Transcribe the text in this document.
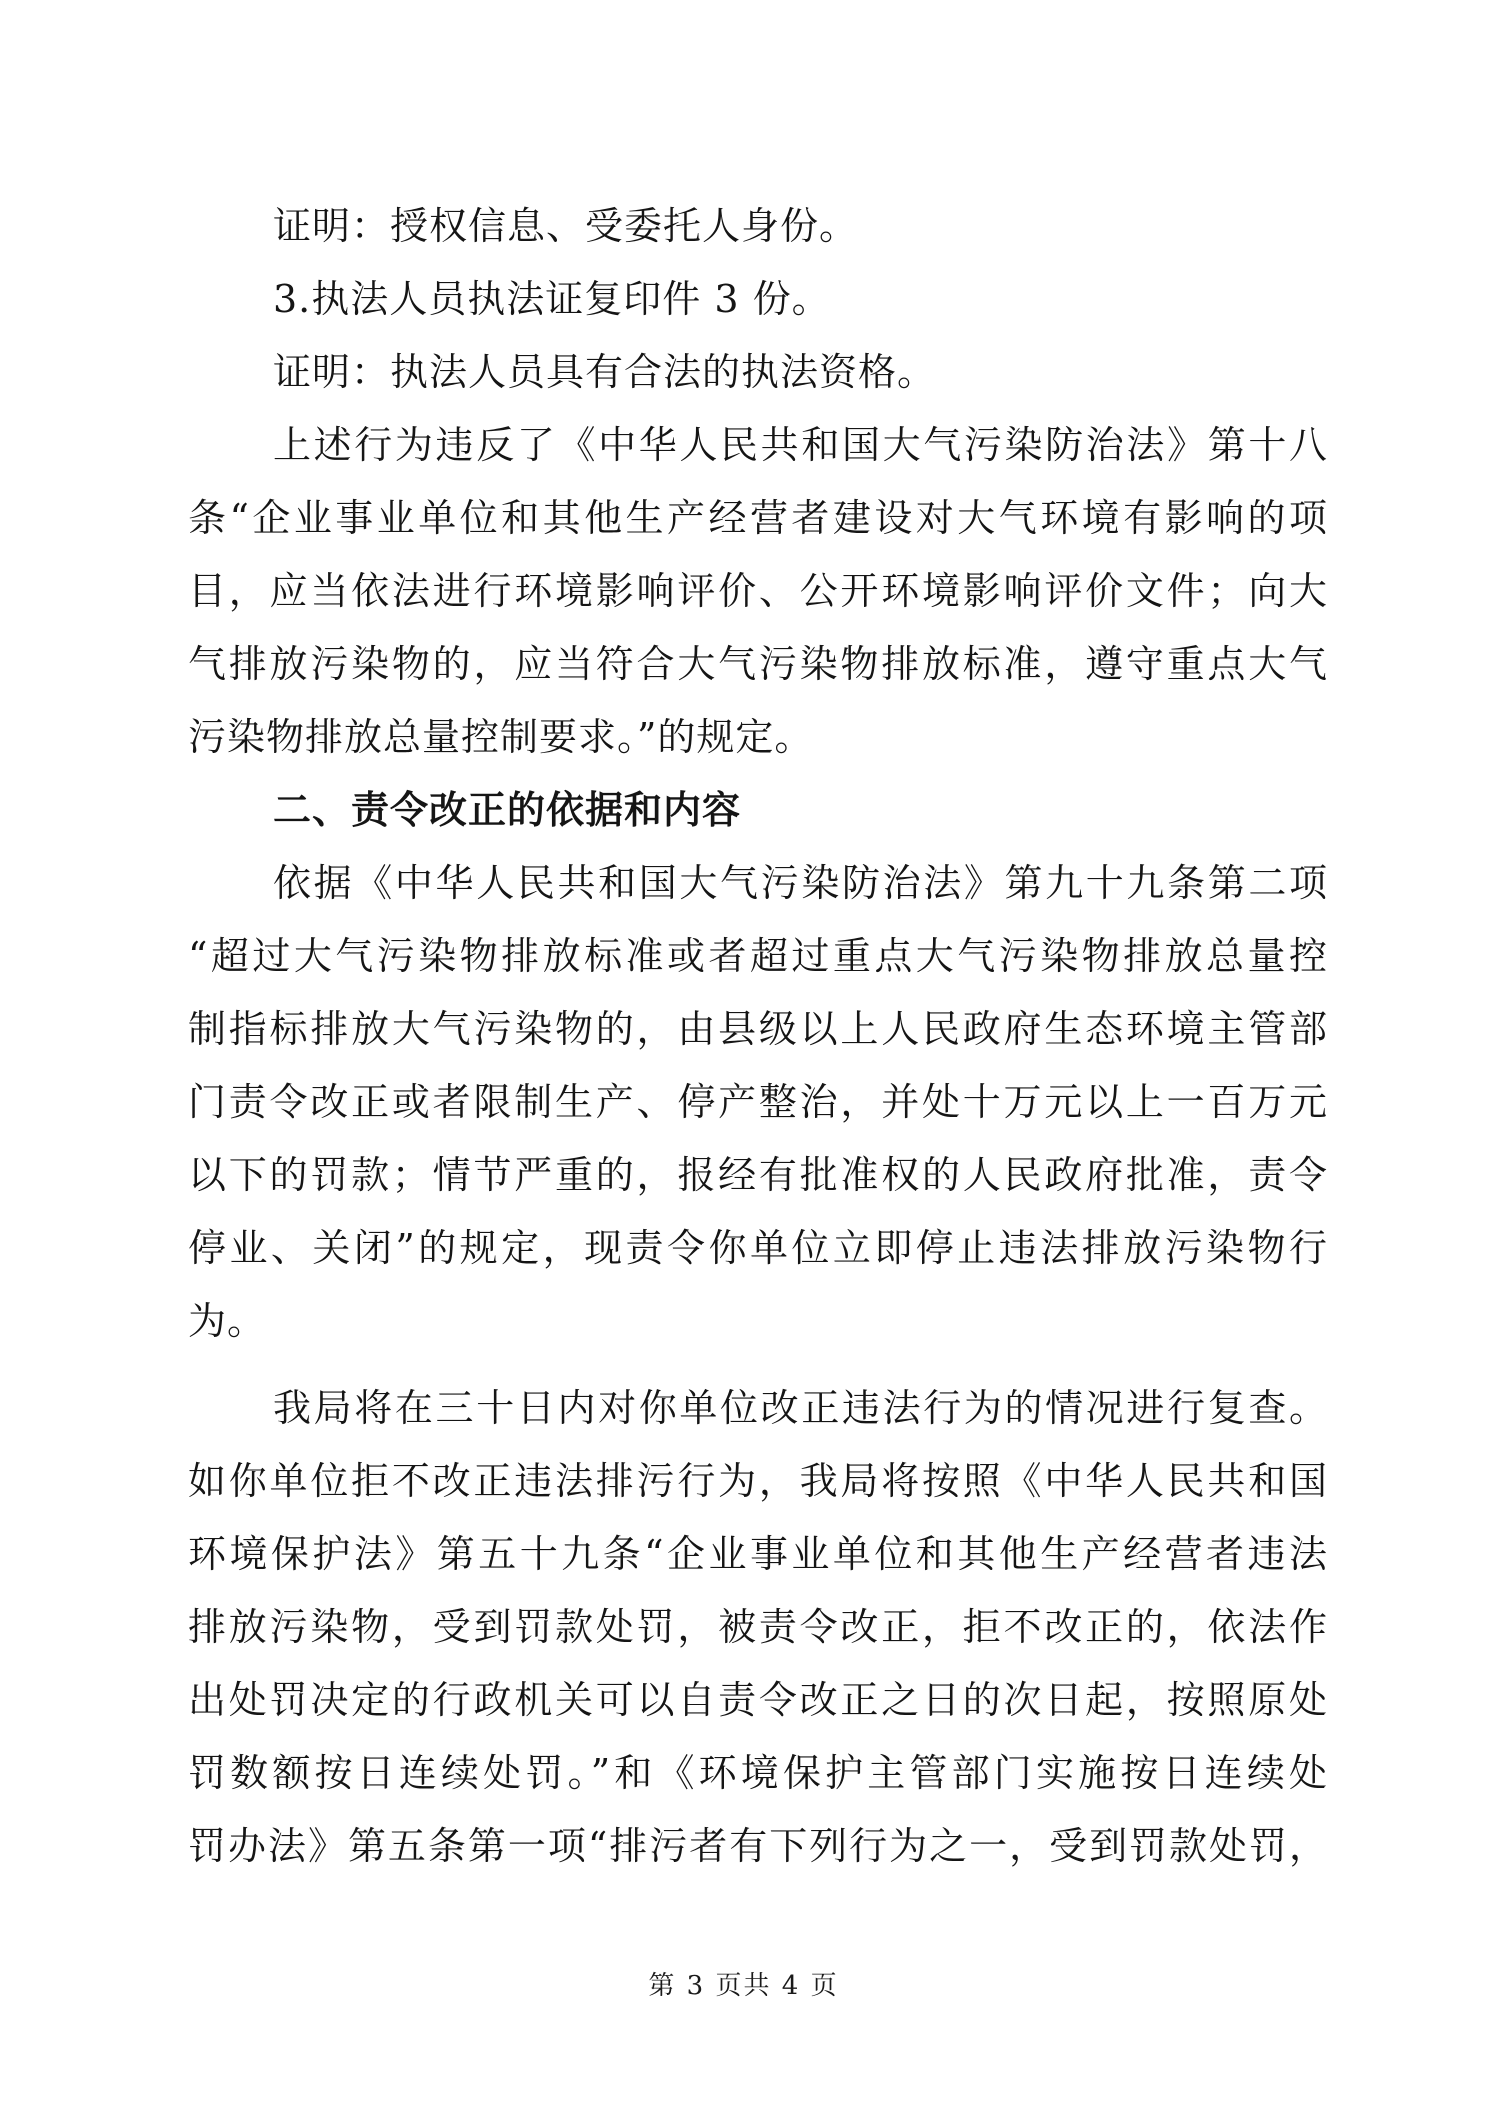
证明：授权信息、受委托人身份。
3.执法人员执法证复印件 3 份。
证明：执法人员具有合法的执法资格。
上述行为违反了《中华人民共和国大气污染防治法》第十八
条“企业事业单位和其他生产经营者建设对大气环境有影响的项
目，应当依法进行环境影响评价、公开环境影响评价文件；向大
气排放污染物的，应当符合大气污染物排放标准，遵守重点大气
污染物排放总量控制要求。”的规定。
二、责令改正的依据和内容
依据《中华人民共和国大气污染防治法》第九十九条第二项
“超过大气污染物排放标准或者超过重点大气污染物排放总量控
制指标排放大气污染物的，由县级以上人民政府生态环境主管部
门责令改正或者限制生产、停产整治，并处十万元以上一百万元
以下的罚款；情节严重的，报经有批准权的人民政府批准，责令
停业、关闭”的规定，现责令你单位立即停止违法排放污染物行
为。
我局将在三十日内对你单位改正违法行为的情况进行复查。
如你单位拒不改正违法排污行为，我局将按照《中华人民共和国
环境保护法》第五十九条“企业事业单位和其他生产经营者违法
排放污染物，受到罚款处罚，被责令改正，拒不改正的，依法作
出处罚决定的行政机关可以自责令改正之日的次日起，按照原处
罚数额按日连续处罚。”和《环境保护主管部门实施按日连续处
罚办法》第五条第一项“排污者有下列行为之一，受到罚款处罚，
第 3 页共 4 页
